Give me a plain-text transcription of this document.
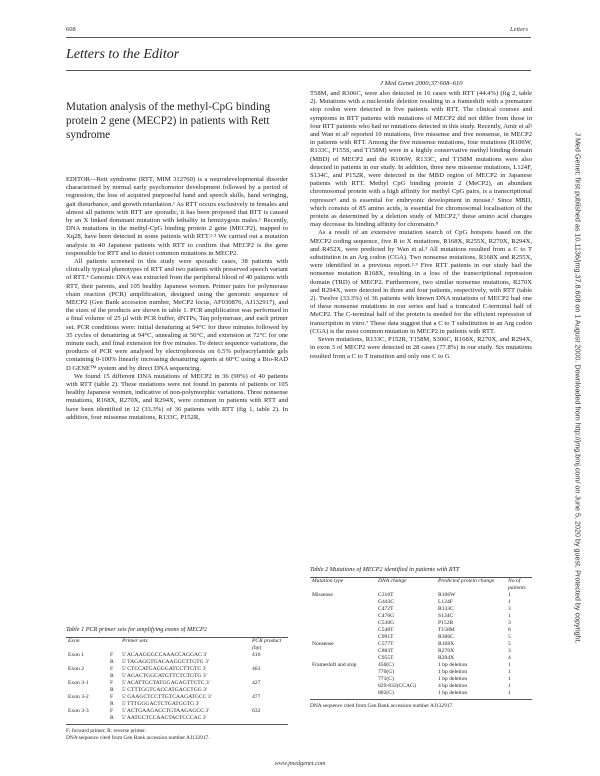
608	Letters
Letters to the Editor
J Med Genet 2000;37:608–610
Mutation analysis of the methyl-CpG binding protein 2 gene (MECP2) in patients with Rett syndrome

EDITOR—Rett syndrome (RTT, MIM 312760) is a neurodevelopmental disorder characterised by normal early psychomotor development followed by a period of regression, the loss of acquired purposeful hand and speech skills, hand wringing, gait disturbance, and growth retardation.¹ As RTT occurs exclusively in females and almost all patients with RTT are sporadic, it has been proposed that RTT is caused by an X linked dominant mutation with lethality in hemizygous males.¹ Recently, DNA mutations in the methyl-CpG binding protein 2 gene (MECP2), mapped to Xq28, have been detected in some patients with RTT.²·³ We carried out a mutation analysis in 40 Japanese patients with RTT to confirm that MECP2 is the gene responsible for RTT and to detect common mutations in MECP2.

All patients screened in this study were sporadic cases, 38 patients with clinically typical phenotypes of RTT and two patients with preserved speech variant of RTT.⁴ Genomic DNA was extracted from the peripheral blood of 40 patients with RTT, their parents, and 105 healthy Japanese women. Primer pairs for polymerase chain reaction (PCR) amplification, designed using the genomic sequence of MECP2 (Gen Bank accession number, MeCP2 locus, AF030876, AJ132917), and the sizes of the products are shown in table 1. PCR amplification was performed in a final volume of 25 µl with PCR buffer, dNTPs, Taq polymerase, and each primer set. PCR conditions were: initial denaturing at 94°C for three minutes followed by 35 cycles of denaturing at 94°C, annealing at 56°C, and extension at 72°C for one minute each, and final extension for five minutes. To detect sequence variations, the products of PCR were analysed by electrophoresis on 6.5% polyacrylamide gels containing 0-100% linearly increasing denaturing agents at 60°C using a Bio-RAD D GENE™ system and by direct DNA sequencing.

We found 15 different DNA mutations of MECP2 in 36 (90%) of 40 patients with RTT (table 2). These mutations were not found in parents of patients or 105 healthy Japanese women, indicative of non-polymorphic variations. Three nonsense mutations, R168X, R270X, and R294X, were common in patients with RTT and have been identified in 12 (33.3%) of 36 patients with RTT (fig 1, table 2). In addition, four missense mutations, R133C, P152R,

Table 1 PCR primer sets for amplifying exons of MECP2
Exon		Primer sets	PCR product (bp)
Exon 1	F	5' ACAAGGGCCAAACCAGGAC 3'	416
	R	5' TAGAGGTGACAAGGCTTGTG 3'	
Exon 2	F	5' CTCCATGAGGGATCCTTGTC 3'	463
	R	5' AGACTGGCATGTTCTCTGTG 3'	
Exon 3-1	F	5' ACATTGCTATGGAGAGTTCTC 3'	427
	R	5' CTTTGGTCACCATGACCTGG 3'	
Exon 3-2	F	5' GAAGCTCCTTGTCAAGATGCC 3'	477
	R	5' TTTGGGACTCTGATGGTG 3'	
Exon 3-3	F	5' ACTGAAGACCTGTAAGAGCC 3'	632
	R	5' AATGCTCCAACTACTCCCAC 3'	
F: forward primer, R: reverse primer.
DNA sequence cited from Gen Bank accession number AJ132917.

T58M, and R306C, were also detected in 16 cases with RTT (44.4%) (fig 2, table 2). Mutations with a nucleotide deletion resulting in a frameshift with a premature stop codon were detected in five patients with RTT. The clinical courses and symptoms in RTT patients with mutations of MECP2 did not differ from those in four RTT patients who had no mutations detected in this study. Recently, Amir et al² and Wan et al³ reported 10 mutations, five missense and five nonsense, in MECP2 in patients with RTT. Among the five missense mutations, four mutations (R106W, R133C, F155S, and T158M) were in a highly conservative methyl binding domain (MBD) of MECP2 and the R106W, R133C, and T158M mutations were also detected in patients in our study. In addition, three new missense mutations, L124F, S134C, and P152R, were detected in the MBD region of MECP2 in Japanese patients with RTT. Methyl CpG binding protein 2 (MeCP2), an abundant chromosomal protein with a high affinity for methyl CpG pairs, is a transcriptional repressor⁵ and is essential for embryonic development in mouse.⁶ Since MBD, which consists of 85 amino acids, is essential for chromosomal localisation of the protein as determined by a deletion study of MECP2,⁷ these amino acid changes may decrease its binding affinity for chromatin.⁸

As a result of an extensive mutation search of CpG hotspots based on the MECP2 coding sequence, five R to X mutations, R168X, R255X, R270X, R294X, and R452X, were predicted by Wan et al.³ All mutations resulted from a C to T substitution in an Arg codon (CGA). Two nonsense mutations, R168X and R255X, were identified in a previous report.²·³ Five RTT patients in our study had the nonsense mutation R168X, resulting in a loss of the transcriptional repression domain (TRD) of MECP2. Furthermore, two similar nonsense mutations, R270X and R294X, were detected in three and four patients, respectively, with RTT (table 2). Twelve (33.3%) of 36 patients with known DNA mutations of MECP2 had one of these nonsense mutations in our series and had a truncated C-terminal half of MeCP2. The C-terminal half of the protein is needed for the efficient repression of transcription in vitro.⁷ These data suggest that a C to T substitution in an Arg codon (CGA) is the most common mutation in MECP2 in patients with RTT.

Seven mutations, R133C, P152R, T158M, S306C, R168X, R270X, and R294X, in exon 3 of MECP2 were detected in 28 cases (77.8%) in our study. Six mutations resulted from a C to T transition and only one C to G

Table 2 Mutations of MECP2 identified in patients with RTT
Mutation type	DNA change	Predicted protein change	No of patients
Missense	C316T	R106W	1
	G443C	L124F	1
	C472T	R133C	3
	C476G	S134C	1
	C530G	P152R	3
	C548T	T158M	8
	C991T	R306C	5
Nonsense	C577T	R168X	5
	C883T	R270X	3
	C955T	R294X	4
Frameshift and stop	450(C)	1 bp deletion	1
	770(G)	1 bp deletion	1
	771(C)	1 bp deletion	1
	829-832(CCAG)	4 bp deletion	1
	882(C)	1 bp deletion	1
DNA sequence cited from Gen Bank accession number AJ132917.
J Med Genet: first published as 10.1136/jmg.37.8.608 on 1 August 2000. Downloaded from http://jmg.bmj.com/ on June 5, 2020 by guest. Protected by copyright.
www.jmedgenet.com
